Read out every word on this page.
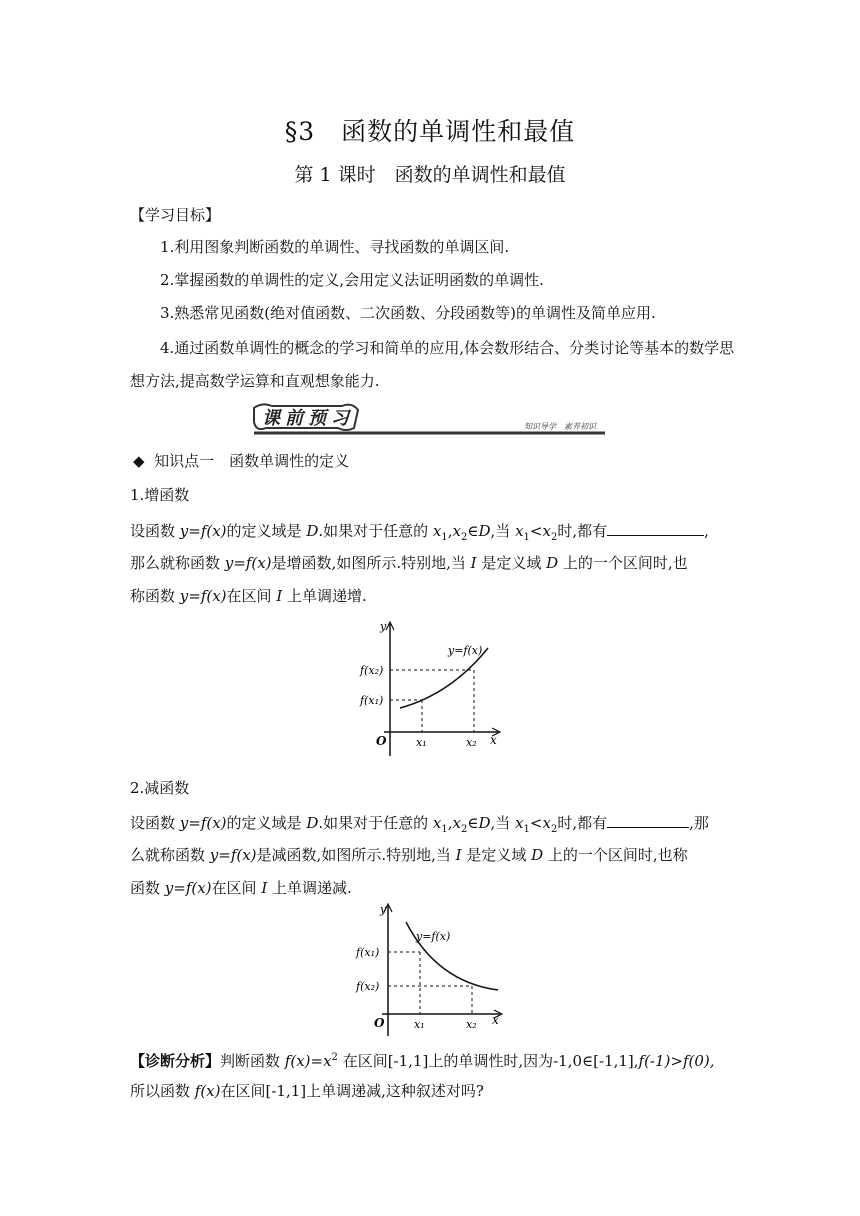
§3　函数的单调性和最值
第 1 课时　函数的单调性和最值
【学习目标】
1.利用图象判断函数的单调性、寻找函数的单调区间.
2.掌握函数的单调性的定义,会用定义法证明函数的单调性.
3.熟悉常见函数(绝对值函数、二次函数、分段函数等)的单调性及简单应用.
4.通过函数单调性的概念的学习和简单的应用,体会数形结合、分类讨论等基本的数学思
想方法,提高数学运算和直观想象能力.
课 前 预 习	知识导学　素养初识
◆ 知识点一　函数单调性的定义
1.增函数
设函数 y=f(x)的定义域是 D.如果对于任意的 $x_1,x_2\in D$,当 $x_1<x_2$时,都有	,
那么就称函数 y=f(x)是增函数,如图所示.特别地,当 I 是定义域 D 上的一个区间时,也
称函数 y=f(x)在区间 I 上单调递增.
y
x
O
y=f(x)
f(x₂)
f(x₁)
x₁	x₂
2.减函数
设函数 y=f(x)的定义域是 D.如果对于任意的 $x_1,x_2\in D$,当 $x_1<x_2$时,都有	,那
么就称函数 y=f(x)是减函数,如图所示.特别地,当 I 是定义域 D 上的一个区间时,也称
函数 y=f(x)在区间 I 上单调递减.
y
x
O
y=f(x)
f(x₁)
f(x₂)
x₁	x₂
【诊断分析】判断函数 $f(x)=x^2$ 在区间[-1,1]上的单调性时,因为-1,0∈[-1,1],f(-1)>f(0),
所以函数 f(x)在区间[-1,1]上单调递减,这种叙述对吗?
